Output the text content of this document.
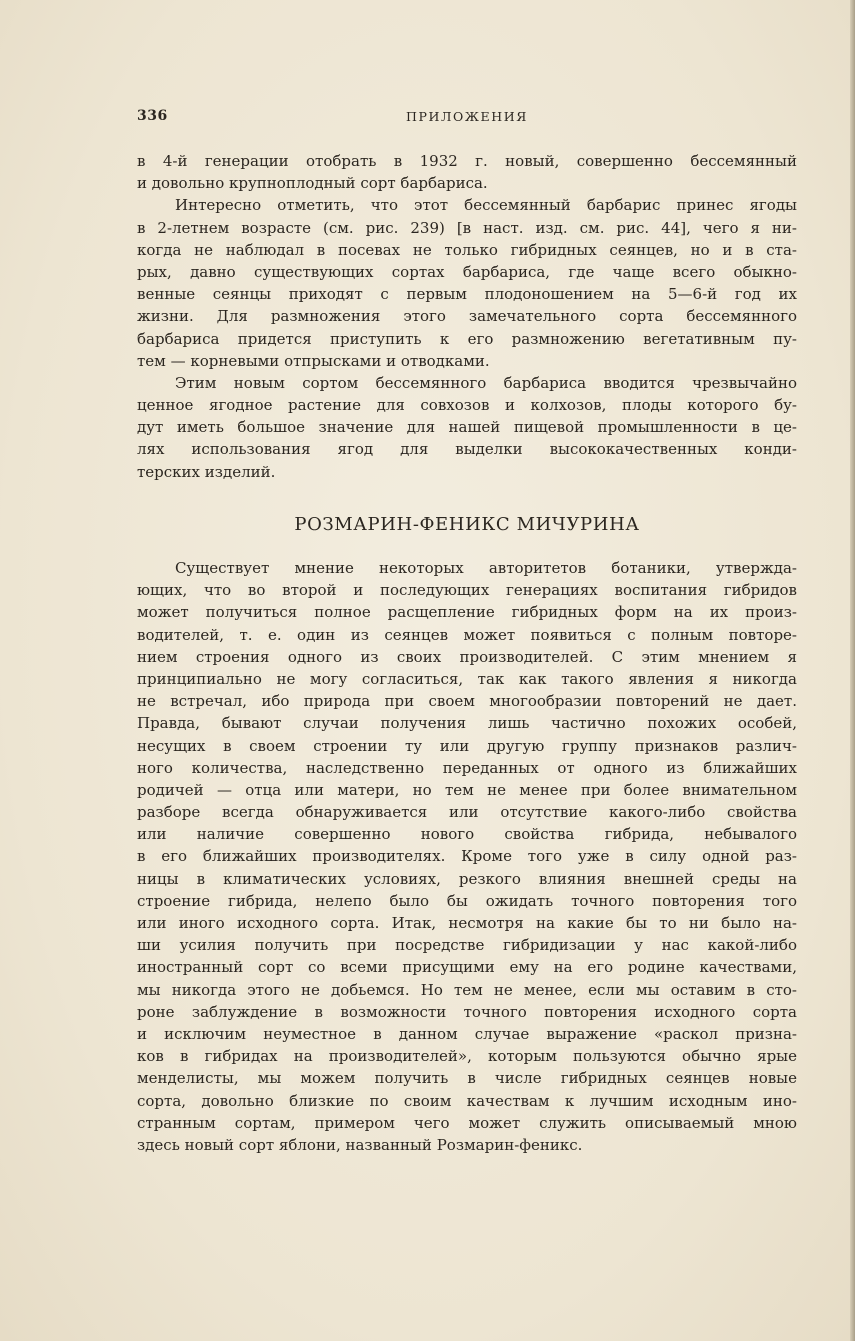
336	ПРИЛОЖЕНИЯ
в 4-й генерации отобрать в 1932 г. новый, совершенно бессемянный
и довольно крупноплодный сорт барбариса.
Интересно отметить, что этот бессемянный барбарис принес ягоды
в 2-летнем возрасте (см. рис. 239) [в наст. изд. см. рис. 44], чего я ни-
когда не наблюдал в посевах не только гибридных сеянцев, но и в ста-
рых, давно существующих сортах барбариса, где чаще всего обыкно-
венные сеянцы приходят с первым плодоношением на 5—6-й год их
жизни. Для размножения этого замечательного сорта бессемянного
барбариса придется приступить к его размножению вегетативным пу-
тем — корневыми отпрысками и отводками.
Этим новым сортом бессемянного барбариса вводится чрезвычайно
ценное ягодное растение для совхозов и колхозов, плоды которого бу-
дут иметь большое значение для нашей пищевой промышленности в це-
лях использования ягод для выделки высококачественных конди-
терских изделий.
РОЗМАРИН-ФЕНИКС МИЧУРИНА
Существует мнение некоторых авторитетов ботаники, утвержда-
ющих, что во второй и последующих генерациях воспитания гибридов
может получиться полное расщепление гибридных форм на их произ-
водителей, т. е. один из сеянцев может появиться с полным повторе-
нием строения одного из своих производителей. С этим мнением я
принципиально не могу согласиться, так как такого явления я никогда
не встречал, ибо природа при своем многообразии повторений не дает.
Правда, бывают случаи получения лишь частично похожих особей,
несущих в своем строении ту или другую группу признаков различ-
ного количества, наследственно переданных от одного из ближайших
родичей — отца или матери, но тем не менее при более внимательном
разборе всегда обнаруживается или отсутствие какого-либо свойства
или наличие совершенно нового свойства гибрида, небывалого
в его ближайших производителях. Кроме того уже в силу одной раз-
ницы в климатических условиях, резкого влияния внешней среды на
строение гибрида, нелепо было бы ожидать точного повторения того
или иного исходного сорта. Итак, несмотря на какие бы то ни было на-
ши усилия получить при посредстве гибридизации у нас какой-либо
иностранный сорт со всеми присущими ему на его родине качествами,
мы никогда этого не добьемся. Но тем не менее, если мы оставим в сто-
роне заблуждение в возможности точного повторения исходного сорта
и исключим неуместное в данном случае выражение «раскол призна-
ков в гибридах на производителей», которым пользуются обычно ярые
менделисты, мы можем получить в числе гибридных сеянцев новые
сорта, довольно близкие по своим качествам к лучшим исходным ино-
странным сортам, примером чего может служить описываемый мною
здесь новый сорт яблони, названный Розмарин-феникс.
